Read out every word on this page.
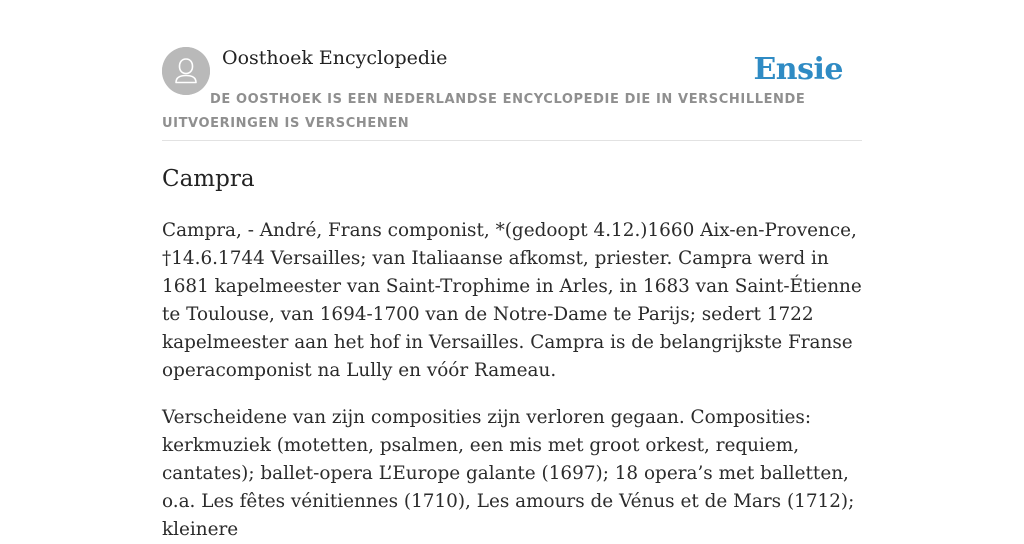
Oosthoek Encyclopedie	Ensie

DE OOSTHOEK IS EEN NEDERLANDSE ENCYCLOPEDIE DIE IN VERSCHILLENDE UITVOERINGEN IS VERSCHENEN

Campra

Campra, - André, Frans componist, *(gedoopt 4.12.)1660 Aix-en-Provence, †14.6.1744 Versailles; van Italiaanse afkomst, priester. Campra werd in 1681 kapelmeester van Saint-Trophime in Arles, in 1683 van Saint-Étienne te Toulouse, van 1694-1700 van de Notre-Dame te Parijs; sedert 1722 kapelmeester aan het hof in Versailles. Campra is de belangrijkste Franse operacomponist na Lully en vóór Rameau.

Verscheidene van zijn composities zijn verloren gegaan. Composities: kerkmuziek (motetten, psalmen, een mis met groot orkest, requiem, cantates); ballet-opera L’Europe galante (1697); 18 opera’s met balletten, o.a. Les fêtes vénitiennes (1710), Les amours de Vénus et de Mars (1712); kleinere
